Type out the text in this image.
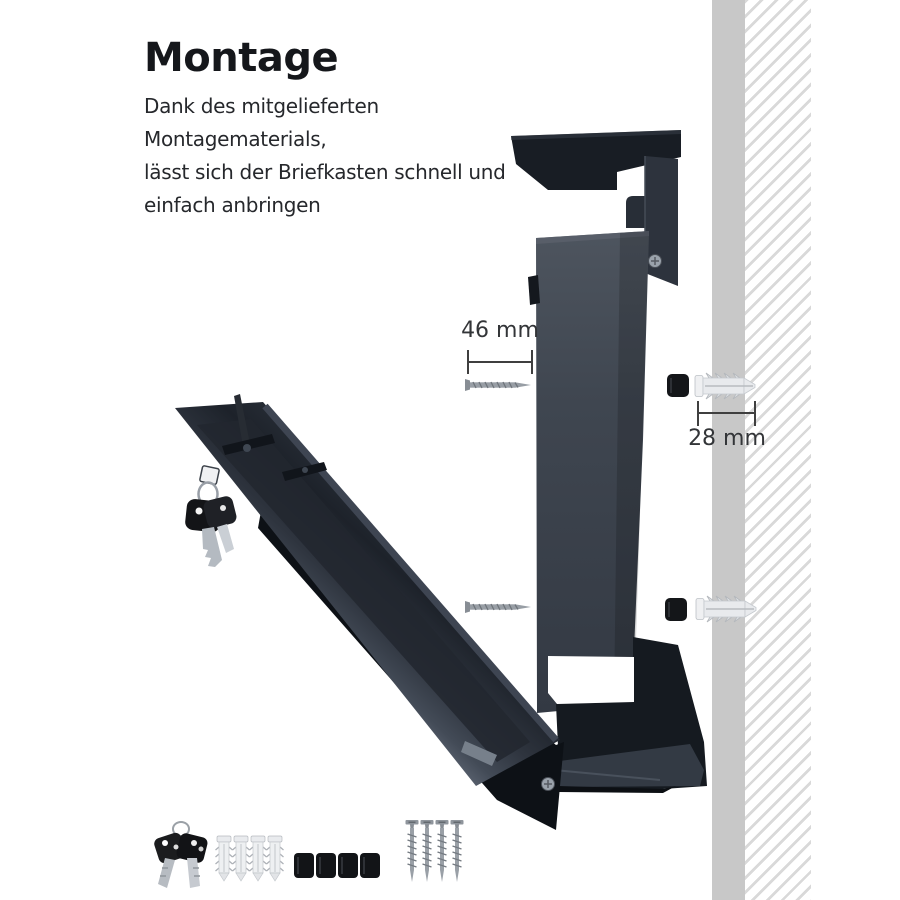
Montage
Dank des mitgelieferten Montagematerials,
lässt sich der Briefkasten schnell und
einfach anbringen
46 mm
28 mm
